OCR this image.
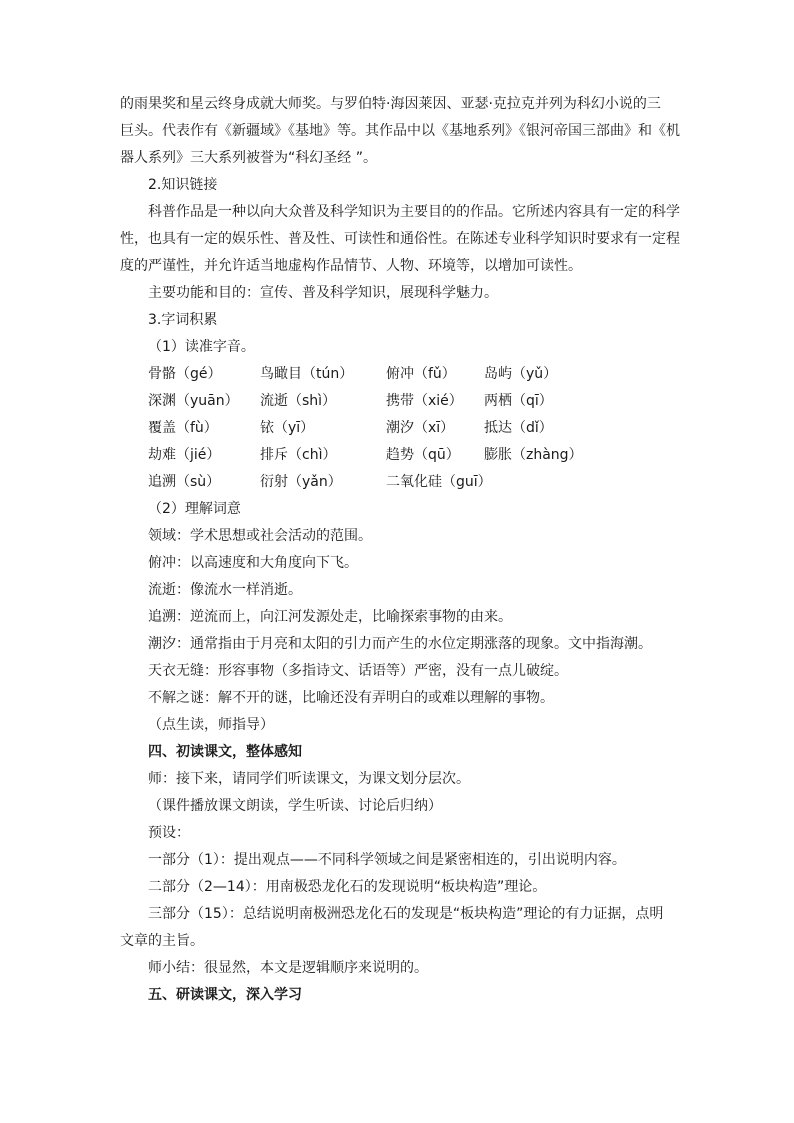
的雨果奖和星云终身成就大师奖。与罗伯特·海因莱因、亚瑟·克拉克并列为科幻小说的三
巨头。代表作有《新疆域》《基地》等。其作品中以《基地系列》《银河帝国三部曲》和《机
器人系列》三大系列被誉为“科幻圣经 ”。
2.知识链接
科普作品是一种以向大众普及科学知识为主要目的的作品。它所述内容具有一定的科学
性，也具有一定的娱乐性、普及性、可读性和通俗性。在陈述专业科学知识时要求有一定程
度的严谨性，并允许适当地虚构作品情节、人物、环境等，以增加可读性。
主要功能和目的：宣传、普及科学知识，展现科学魅力。
3.字词积累
（1）读准字音。
骨骼（gé）	鸟瞰目（tún）	俯冲（fǔ）	岛屿（yǔ）
深渊（yuān）	流逝（shì）	携带（xié）	两栖（qī）
覆盖（fù）	铱（yī）	潮汐（xī）	抵达（dǐ）
劫难（jié）	排斥（chì）	趋势（qū）	膨胀（zhàng）
追溯（sù）	衍射（yǎn）	二氧化硅（guī）
（2）理解词意
领域：学术思想或社会活动的范围。
俯冲：以高速度和大角度向下飞。
流逝：像流水一样消逝。
追溯：逆流而上，向江河发源处走，比喻探索事物的由来。
潮汐：通常指由于月亮和太阳的引力而产生的水位定期涨落的现象。文中指海潮。
天衣无缝：形容事物（多指诗文、话语等）严密，没有一点儿破绽。
不解之谜：解不开的谜，比喻还没有弄明白的或难以理解的事物。
（点生读，师指导）
四、初读课文，整体感知
师：接下来，请同学们听读课文，为课文划分层次。
（课件播放课文朗读，学生听读、讨论后归纳）
预设：
一部分（1）：提出观点——不同科学领域之间是紧密相连的，引出说明内容。
二部分（2—14）：用南极恐龙化石的发现说明“板块构造”理论。
三部分（15）：总结说明南极洲恐龙化石的发现是“板块构造”理论的有力证据，点明
文章的主旨。
师小结：很显然，本文是逻辑顺序来说明的。
五、研读课文，深入学习
